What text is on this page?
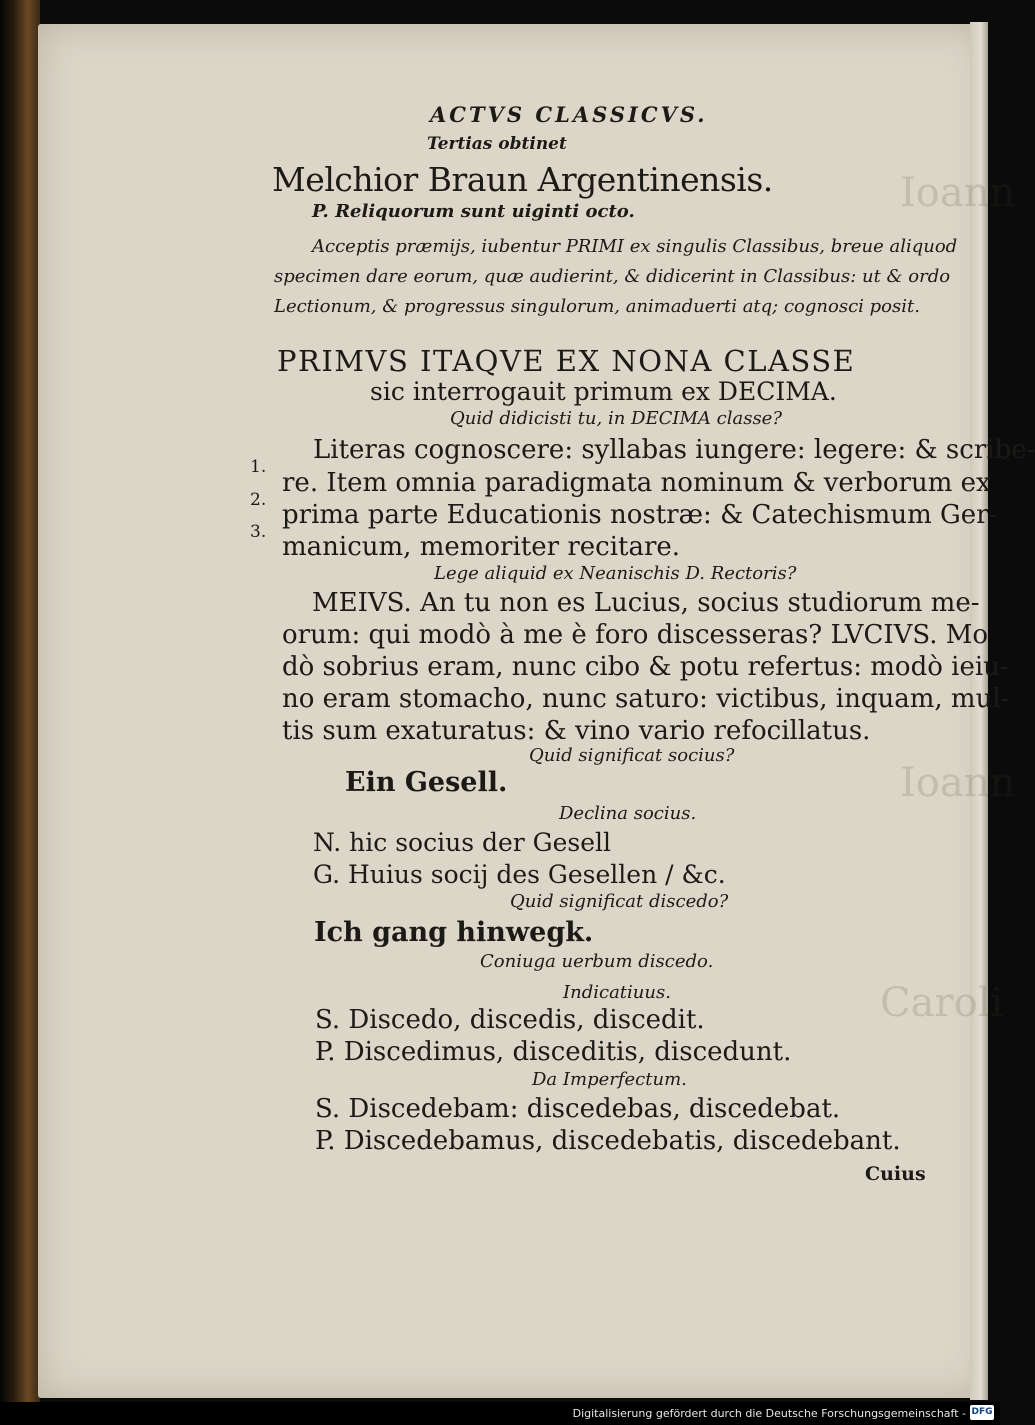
Ioann
Ioann
Caroli
ACTVS CLASSICVS.
Tertias obtinet
Melchior Braun Argentinensis.
P. Reliquorum sunt uiginti octo.
Acceptis præmijs, iubentur PRIMI ex singulis Classibus, breue aliquod
specimen dare eorum, quæ audierint, & didicerint in Classibus: ut & ordo
Lectionum, & progressus singulorum, animaduerti atq; cognosci posit.
PRIMVS ITAQVE EX NONA CLASSE
sic interrogauit primum ex DECIMA.
Quid didicisti tu, in DECIMA classe?
Literas cognoscere: syllabas iungere: legere: & scribe-
re. Item omnia paradigmata nominum & verborum ex
prima parte Educationis nostræ: & Catechismum Ger-
manicum, memoriter recitare.
1.
2.
3.
Lege aliquid ex Neanischis D. Rectoris?
MEIVS. An tu non es Lucius, socius studiorum me-
orum: qui modò à me è foro discesseras? LVCIVS. Mo
dò sobrius eram, nunc cibo & potu refertus: modò ieiu-
no eram stomacho, nunc saturo: victibus, inquam, mul-
tis sum exaturatus: & vino vario refocillatus.
Quid significat socius?
Ein Gesell.
Declina socius.
N. hic socius der Gesell
G. Huius socij des Gesellen / &c.
Quid significat discedo?
Ich gang hinwegk.
Coniuga uerbum discedo.
Indicatiuus.
S. Discedo, discedis, discedit.
P. Discedimus, disceditis, discedunt.
Da Imperfectum.
S. Discedebam: discedebas, discedebat.
P. Discedebamus, discedebatis, discedebant.
Cuius
Digitalisierung gefördert durch die Deutsche Forschungsgemeinschaft - DFG
